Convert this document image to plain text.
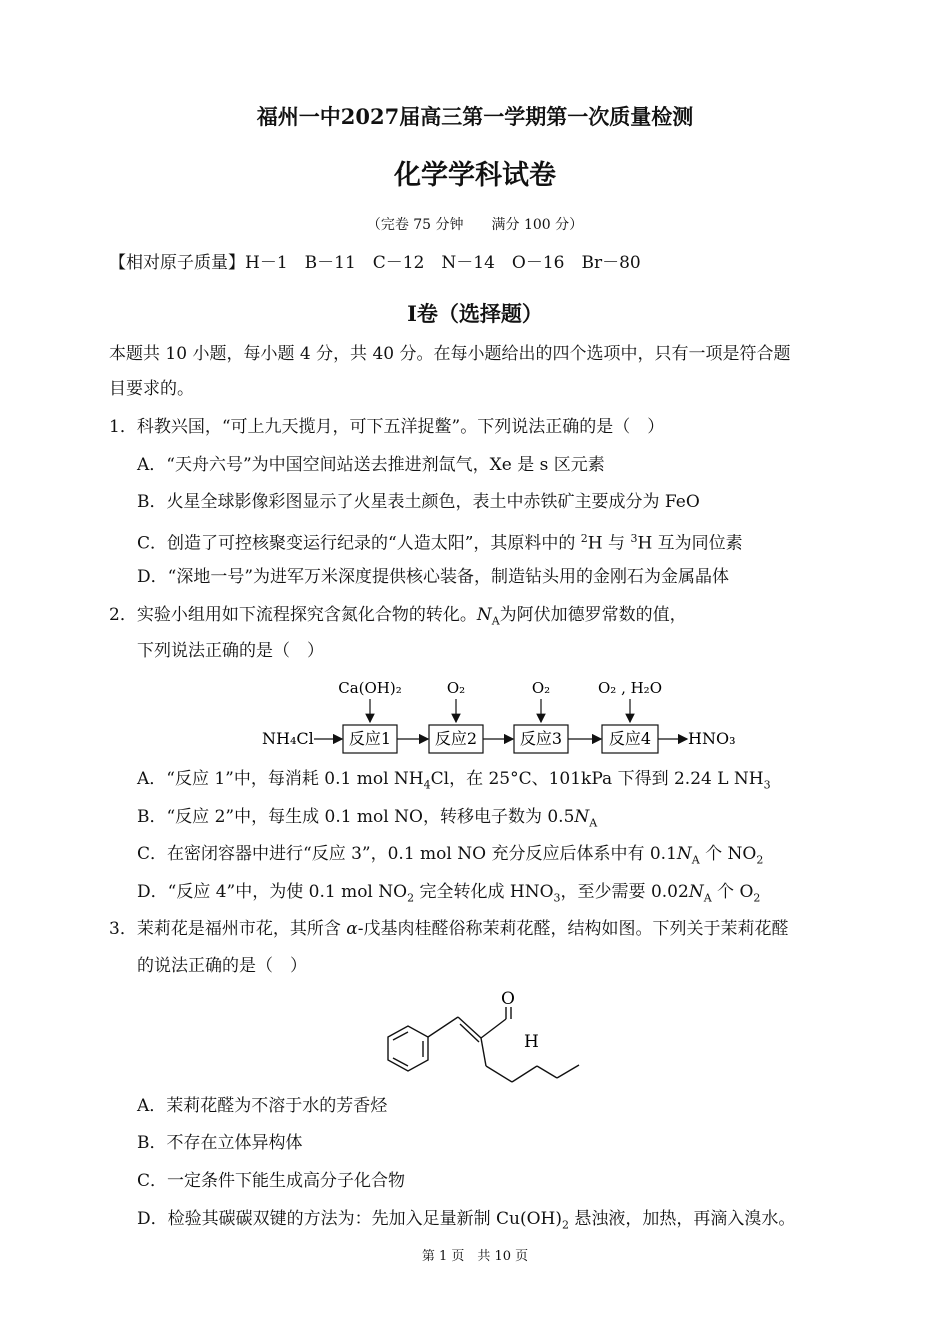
福州一中2027届高三第一学期第一次质量检测
化学学科试卷
（完卷 75 分钟　　满分 100 分）
【相对原子质量】H－1　B－11　C－12　N－14　O－16　Br－80
I卷（选择题）
本题共 10 小题，每小题 4 分，共 40 分。在每小题给出的四个选项中，只有一项是符合题
目要求的。
1．科教兴国，“可上九天揽月，可下五洋捉鳖”。下列说法正确的是（　）
A．“天舟六号”为中国空间站送去推进剂氙气，Xe 是 s 区元素
B．火星全球影像彩图显示了火星表土颜色，表土中赤铁矿主要成分为 FeO
C．创造了可控核聚变运行纪录的“人造太阳”，其原料中的 $^2$H 与 $^3$H 互为同位素
D．“深地一号”为进军万米深度提供核心装备，制造钻头用的金刚石为金属晶体
2．实验小组用如下流程探究含氮化合物的转化。$N_A$为阿伏加德罗常数的值，
下列说法正确的是（　）
NH₄Cl 反应1	反应2	反应3	反应4 HNO₃
Ca(OH)₂	O₂	O₂	O₂ , H₂O
A．“反应 1”中，每消耗 0.1 mol $NH_4Cl$，在 25°C、101kPa 下得到 2.24 L $NH_3$
B．“反应 2”中，每生成 0.1 mol NO，转移电子数为 $0.5N_A$
C．在密闭容器中进行“反应 3”，0.1 mol NO 充分反应后体系中有 $0.1N_A$ 个 $NO_2$
D．“反应 4”中，为使 0.1 mol $NO_2$ 完全转化成 $HNO_3$，至少需要 $0.02N_A$ 个 $O_2$
3．茉莉花是福州市花，其所含 α-戊基肉桂醛俗称茉莉花醛，结构如图。下列关于茉莉花醛
的说法正确的是（　）
O
H
A．茉莉花醛为不溶于水的芳香烃
B．不存在立体异构体
C．一定条件下能生成高分子化合物
D．检验其碳碳双键的方法为：先加入足量新制 $Cu(OH)_2$ 悬浊液，加热，再滴入溴水。
第 1 页　共 10 页
